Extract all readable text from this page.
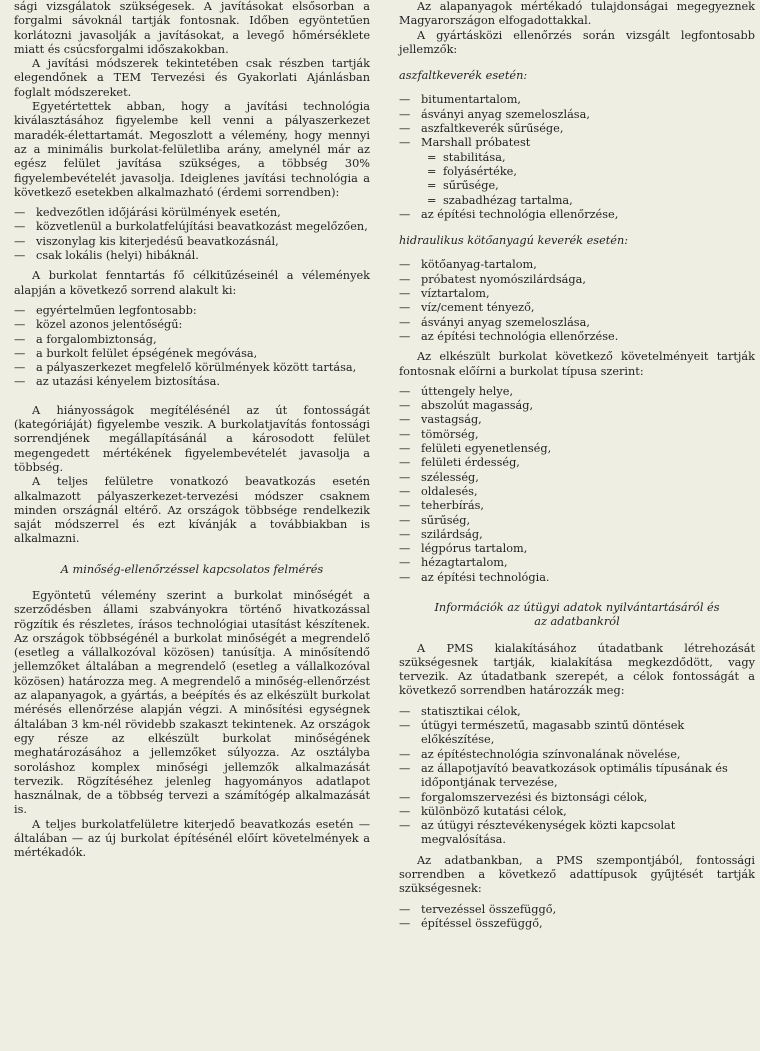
sági vizsgálatok szükségesek. A javításokat elsősorban a forgalmi sávoknál tartják fontosnak. Időben egyöntetűen korlátozni javasolják a javításokat, a levegő hőmérséklete miatt és csúcsforgalmi időszakokban.

A javítási módszerek tekintetében csak részben tartják elegendőnek a TEM Tervezési és Gyakorlati Ajánlásban foglalt módszereket.

Egyetértettek abban, hogy a javítási technológia kiválasztásához figyelembe kell venni a pályaszerkezet maradék-élettartamát. Megoszlott a vélemény, hogy mennyi az a minimális burkolat-felületliba arány, amelynél már az egész felület javítása szükséges, a többség 30% figyelembevételét javasolja. Ideiglenes javítási technológia a következő esetekben alkalmazható (érdemi sorrendben):

— kedvezőtlen időjárási körülmények esetén,
— közvetlenül a burkolatfelújítási beavatkozást megelőzően,
— viszonylag kis kiterjedésű beavatkozásnál,
— csak lokális (helyi) hibáknál.

A burkolat fenntartás fő célkitűzéseinél a vélemények alapján a következő sorrend alakult ki:

— egyértelműen legfontosabb:
— közel azonos jelentőségű:
— a forgalombiztonság,
— a burkolt felület épségének megóvása,
— a pályaszerkezet megfelelő körülmények között tartása,
— az utazási kényelem biztosítása.

A hiányosságok megítélésénél az út fontosságát (kategóriáját) figyelembe veszik. A burkolatjavítás fontossági sorrendjének megállapításánál a károsodott felület megengedett mértékének figyelembevételét javasolja a többség.

A teljes felületre vonatkozó beavatkozás esetén alkalmazott pályaszerkezet-tervezési módszer csaknem minden országnál eltérő. Az országok többsége rendelkezik saját módszerrel és ezt kívánják a továbbiakban is alkalmazni.

A minőség-ellenőrzéssel kapcsolatos felmérés

Egyöntetű vélemény szerint a burkolat minőségét a szerződésben állami szabványokra történő hivatkozással rögzítik és részletes, írásos technológiai utasítást készítenek. Az országok többségénél a burkolat minőségét a megrendelő (esetleg a vállalkozóval közösen) tanúsítja. A minősítendő jellemzőket általában a megrendelő (esetleg a vállalkozóval közösen) határozza meg. A megrendelő a minőség-ellenőrzést az alapanyagok, a gyártás, a beépítés és az elkészült burkolat mérésés ellenőrzése alapján végzi. A minősítési egységnek általában 3 km-nél rövidebb szakaszt tekintenek. Az országok egy része az elkészült burkolat minőségének meghatározásához a jellemzőket súlyozza. Az osztályba soroláshoz komplex minőségi jellemzők alkalmazását tervezik. Rögzítéséhez jelenleg hagyományos adatlapot használnak, de a többség tervezi a számítógép alkalmazását is.

A teljes burkolatfelületre kiterjedő beavatkozás esetén — általában — az új burkolat építésénél előírt követelmények a mértékadók.

Az alapanyagok mértékadó tulajdonságai megegyeznek Magyarországon elfogadottakkal.

A gyártásközi ellenőrzés során vizsgált legfontosabb jellemzők:

aszfaltkeverék esetén:
— bitumentartalom,
— ásványi anyag szemeloszlása,
— aszfaltkeverék sűrűsége,
— Marshall próbatest
= stabilitása,
= folyásértéke,
= sűrűsége,
= szabadhézag tartalma,
— az építési technológia ellenőrzése,
hidraulikus kötőanyagú keverék esetén:
— kötőanyag-tartalom,
— próbatest nyomószilárdsága,
— víztartalom,
— víz/cement tényező,
— ásványi anyag szemeloszlása,
— az építési technológia ellenőrzése.

Az elkészült burkolat következő követelményeit tartják fontosnak előírni a burkolat típusa szerint:

— úttengely helye,
— abszolút magasság,
— vastagság,
— tömörség,
— felületi egyenetlenség,
— felületi érdesség,
— szélesség,
— oldalesés,
— teherbírás,
— sűrűség,
— szilárdság,
— légpórus tartalom,
— hézagtartalom,
— az építési technológia.
Információk az útügyi adatok nyilvántartásáról és az adatbankról

A PMS kialakításához útadatbank létrehozását szükségesnek tartják, kialakítása megkezdődött, vagy tervezik. Az útadatbank szerepét, a célok fontosságát a következő sorrendben határozzák meg:

— statisztikai célok,
— útügyi természetű, magasabb szintű döntések előkészítése,
— az építéstechnológia színvonalának növelése,
— az állapotjavító beavatkozások optimális típusának és időpontjának tervezése,
— forgalomszervezési és biztonsági célok,
— különböző kutatási célok,
— az útügyi résztevékenységek közti kapcsolat megvalósítása.

Az adatbankban, a PMS szempontjából, fontossági sorrendben a következő adattípusok gyűjtését tartják szükségesnek:

— tervezéssel összefüggő,
— építéssel összefüggő,
